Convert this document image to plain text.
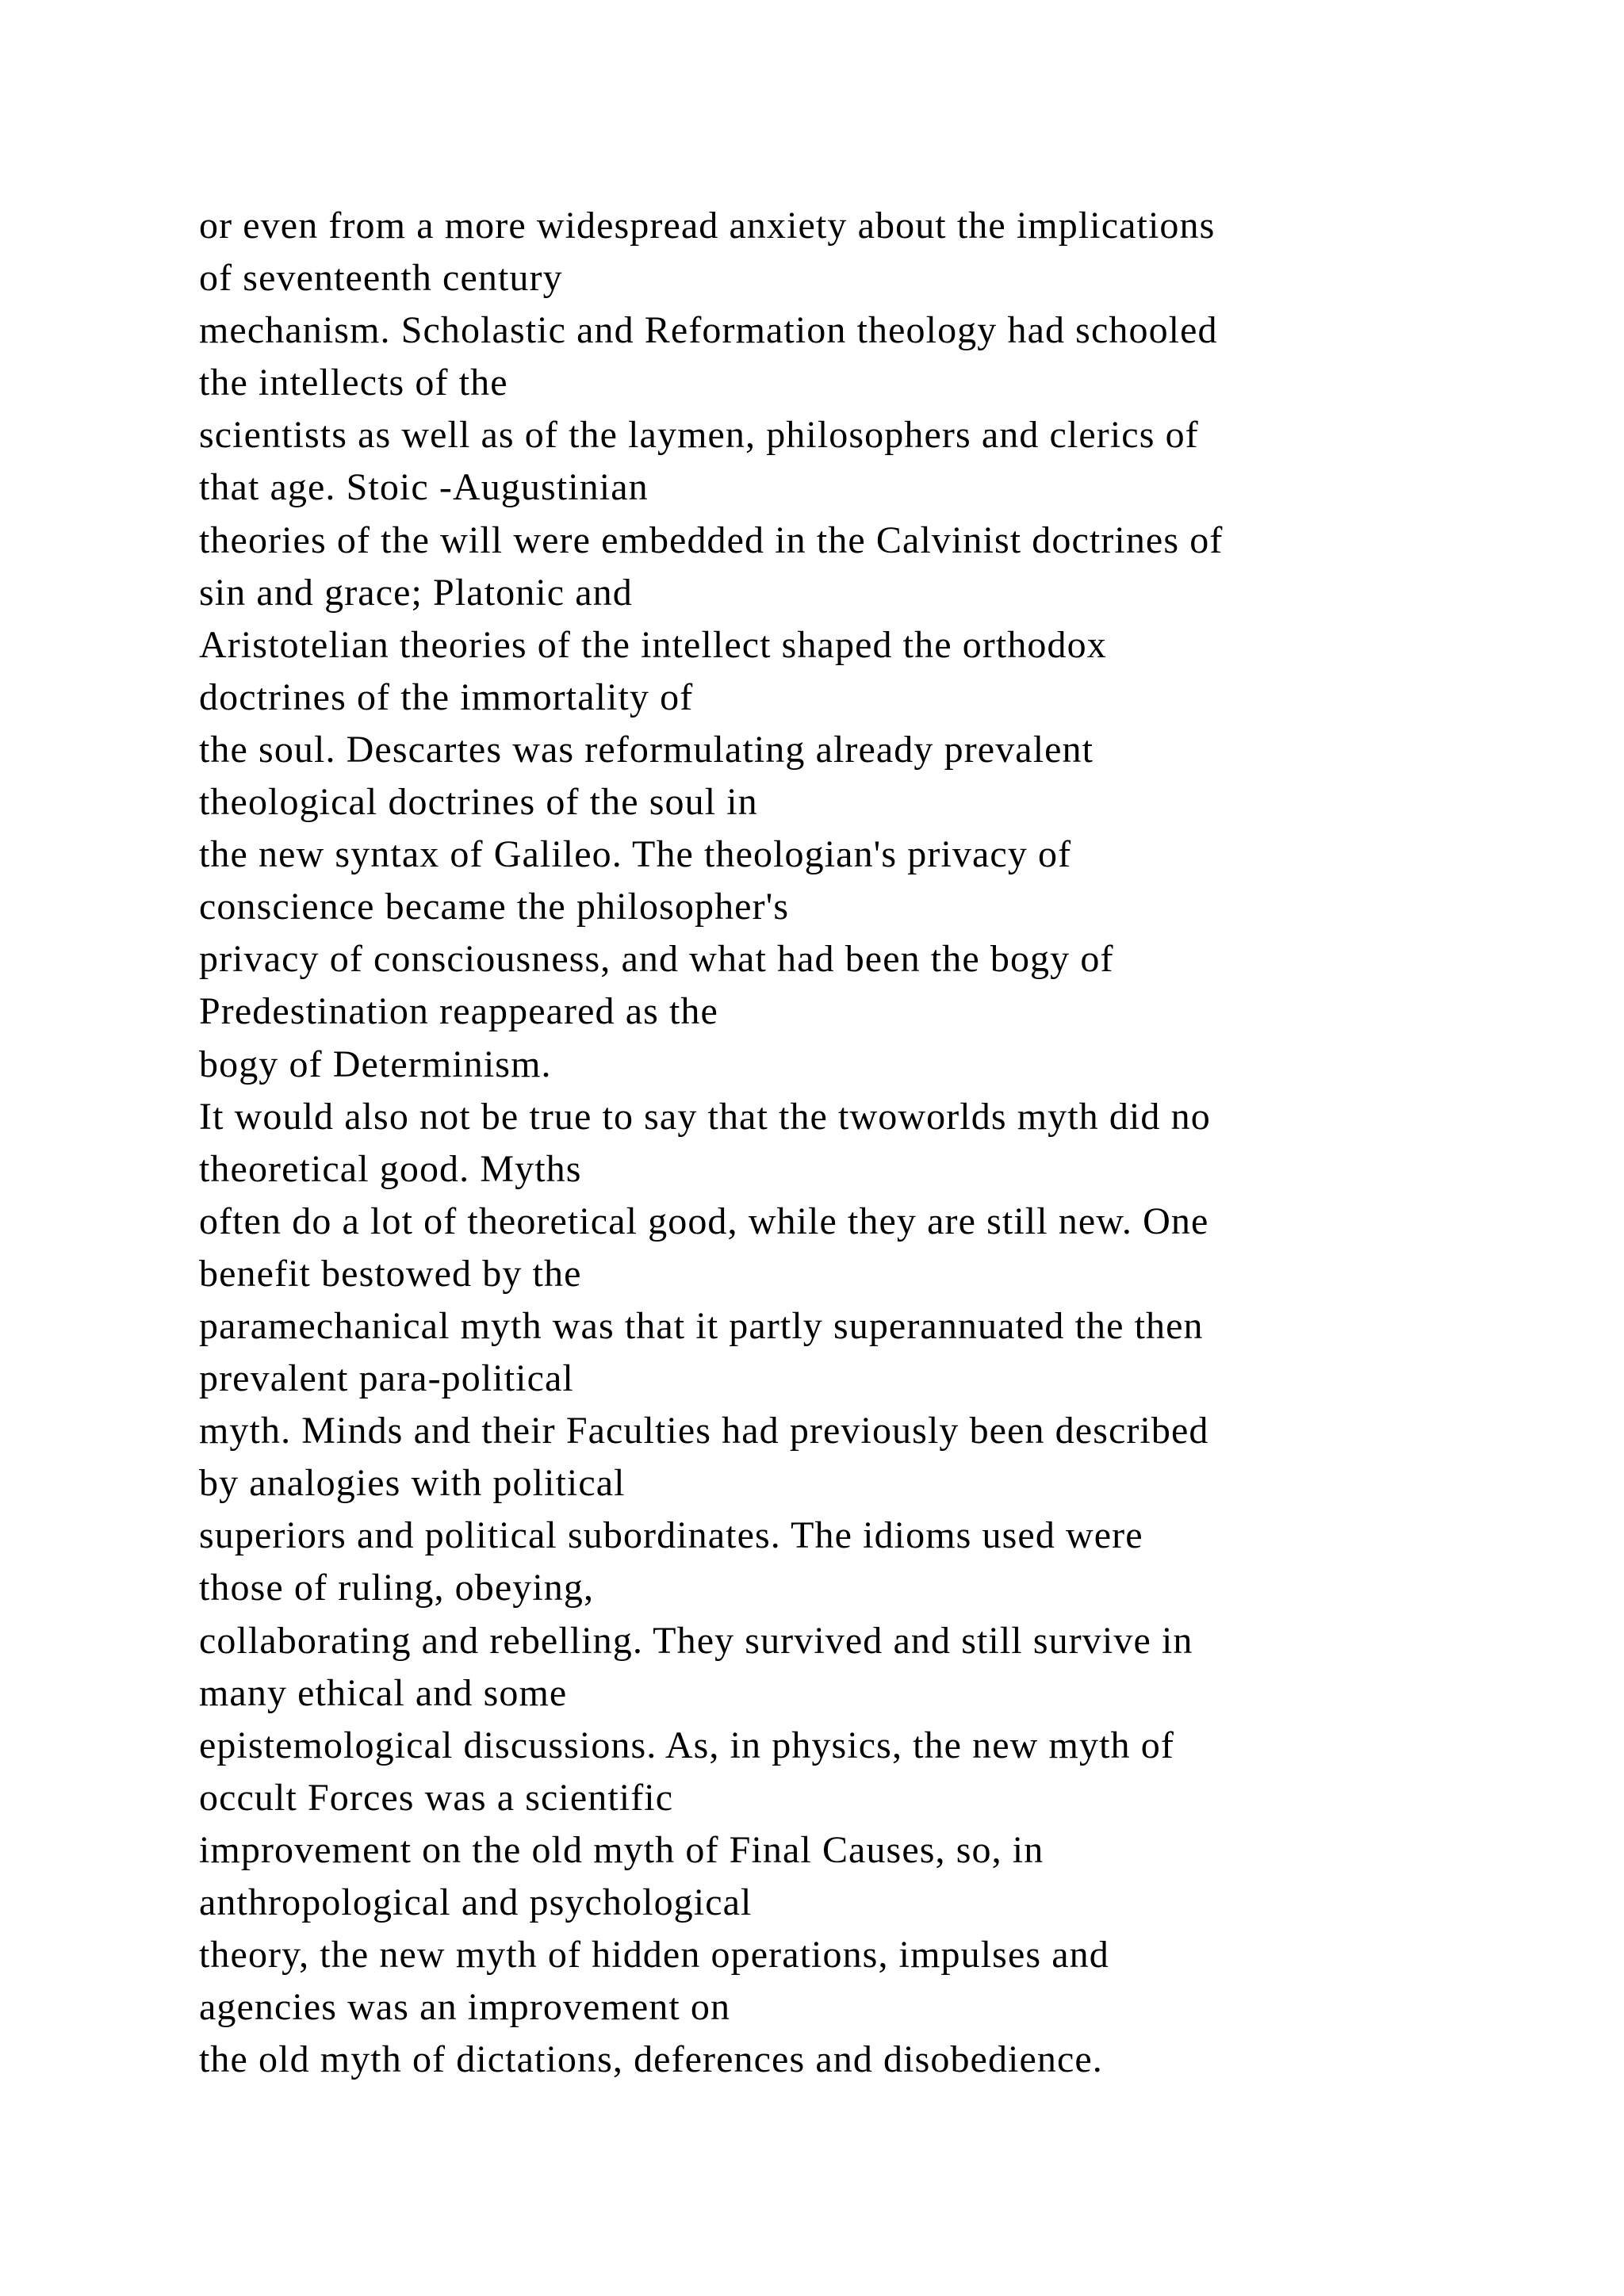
or even from a more widespread anxiety about the implications
of seventeenth century
mechanism. Scholastic and Reformation theology had schooled
the intellects of the
scientists as well as of the laymen, philosophers and clerics of
that age. Stoic -Augustinian
theories of the will were embedded in the Calvinist doctrines of
sin and grace; Platonic and
Aristotelian theories of the intellect shaped the orthodox
doctrines of the immortality of
the soul. Descartes was reformulating already prevalent
theological doctrines of the soul in
the new syntax of Galileo. The theologian's privacy of
conscience became the philosopher's
privacy of consciousness, and what had been the bogy of
Predestination reappeared as the
bogy of Determinism.
It would also not be true to say that the twoworlds myth did no
theoretical good. Myths
often do a lot of theoretical good, while they are still new. One
benefit bestowed by the
paramechanical myth was that it partly superannuated the then
prevalent para-political
myth. Minds and their Faculties had previously been described
by analogies with political
superiors and political subordinates. The idioms used were
those of ruling, obeying,
collaborating and rebelling. They survived and still survive in
many ethical and some
epistemological discussions. As, in physics, the new myth of
occult Forces was a scientific
improvement on the old myth of Final Causes, so, in
anthropological and psychological
theory, the new myth of hidden operations, impulses and
agencies was an improvement on
the old myth of dictations, deferences and disobedience.
